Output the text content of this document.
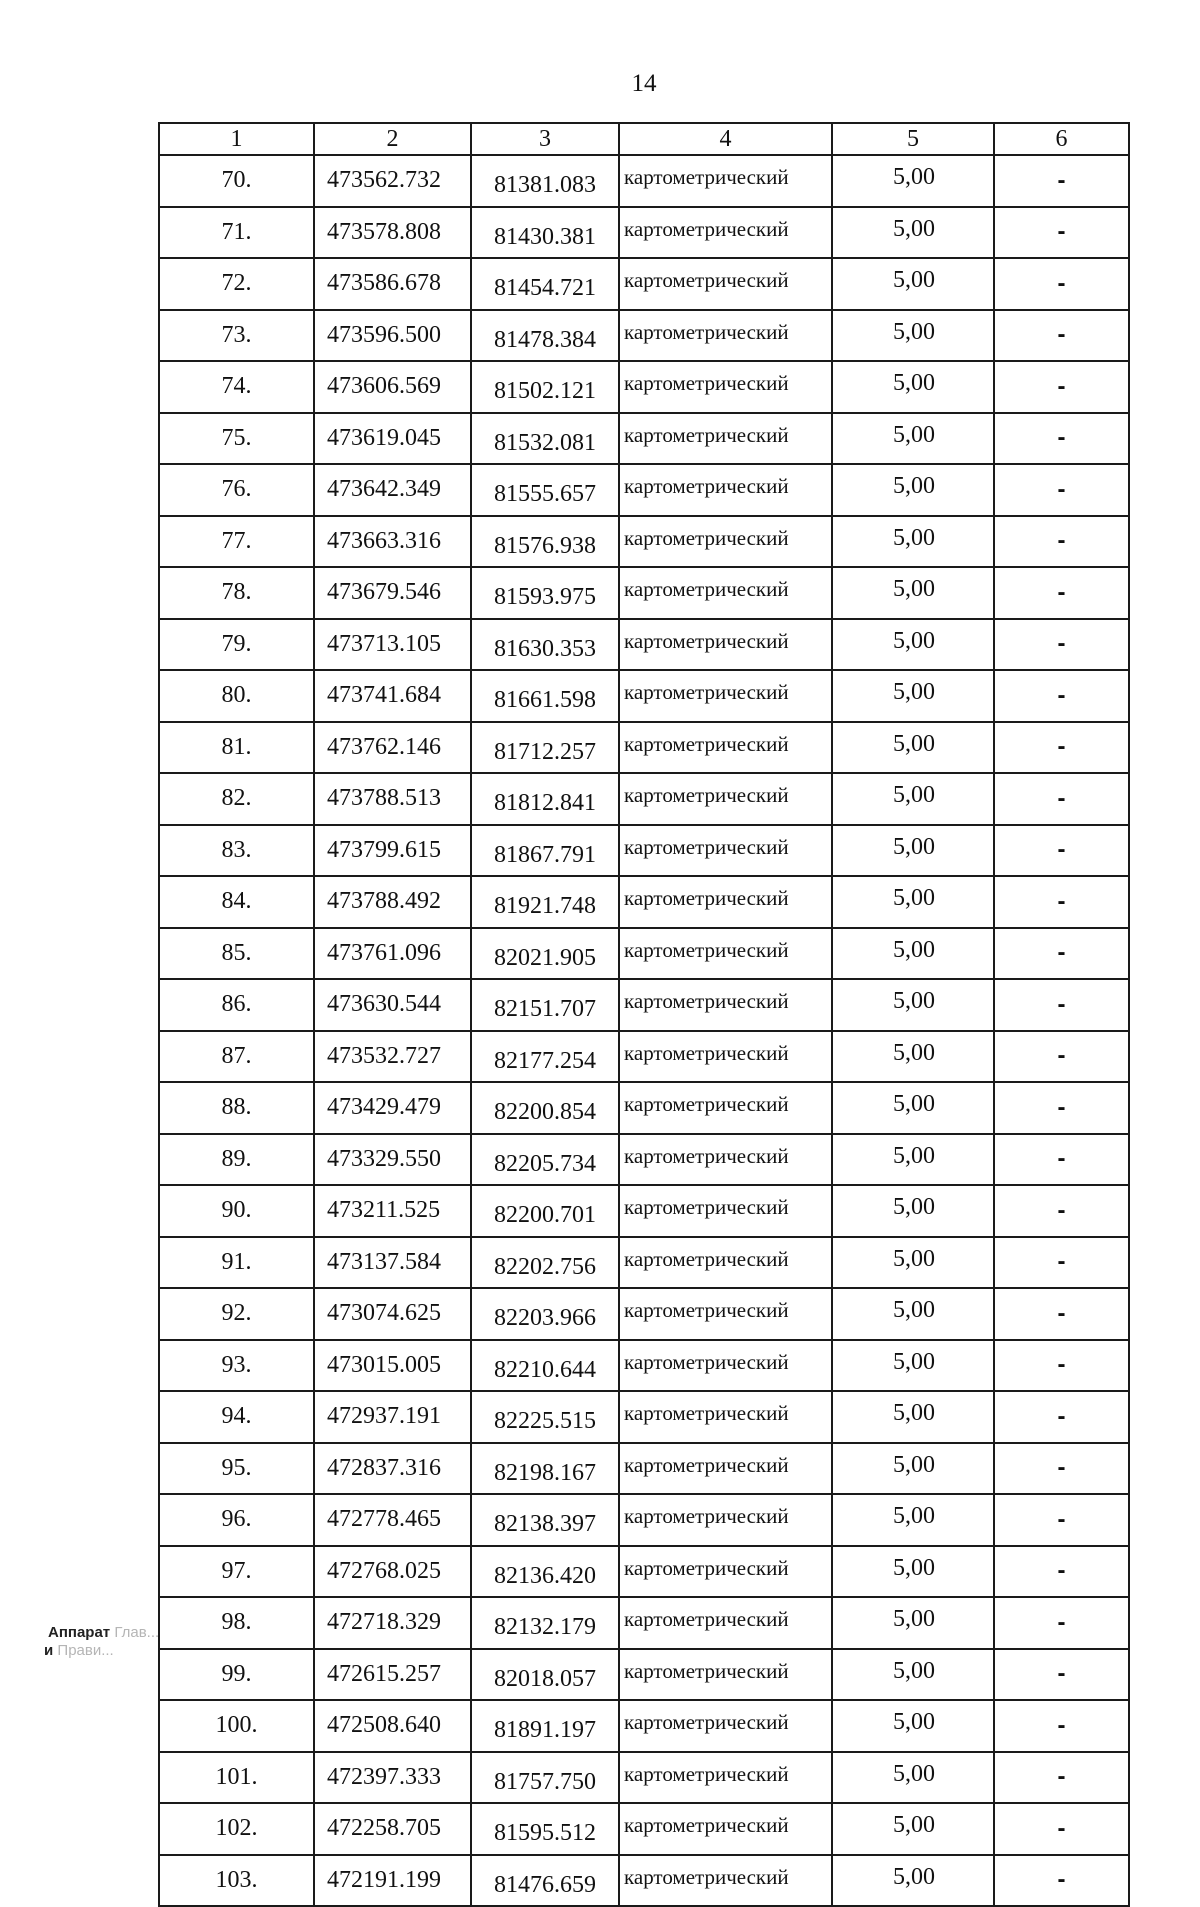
14
1	2	3	4	5	6
70.	473562.732	81381.083	картометрический	5,00	-
71.	473578.808	81430.381	картометрический	5,00	-
72.	473586.678	81454.721	картометрический	5,00	-
73.	473596.500	81478.384	картометрический	5,00	-
74.	473606.569	81502.121	картометрический	5,00	-
75.	473619.045	81532.081	картометрический	5,00	-
76.	473642.349	81555.657	картометрический	5,00	-
77.	473663.316	81576.938	картометрический	5,00	-
78.	473679.546	81593.975	картометрический	5,00	-
79.	473713.105	81630.353	картометрический	5,00	-
80.	473741.684	81661.598	картометрический	5,00	-
81.	473762.146	81712.257	картометрический	5,00	-
82.	473788.513	81812.841	картометрический	5,00	-
83.	473799.615	81867.791	картометрический	5,00	-
84.	473788.492	81921.748	картометрический	5,00	-
85.	473761.096	82021.905	картометрический	5,00	-
86.	473630.544	82151.707	картометрический	5,00	-
87.	473532.727	82177.254	картометрический	5,00	-
88.	473429.479	82200.854	картометрический	5,00	-
89.	473329.550	82205.734	картометрический	5,00	-
90.	473211.525	82200.701	картометрический	5,00	-
91.	473137.584	82202.756	картометрический	5,00	-
92.	473074.625	82203.966	картометрический	5,00	-
93.	473015.005	82210.644	картометрический	5,00	-
94.	472937.191	82225.515	картометрический	5,00	-
95.	472837.316	82198.167	картометрический	5,00	-
96.	472778.465	82138.397	картометрический	5,00	-
97.	472768.025	82136.420	картометрический	5,00	-
98.	472718.329	82132.179	картометрический	5,00	-
99.	472615.257	82018.057	картометрический	5,00	-
100.	472508.640	81891.197	картометрический	5,00	-
101.	472397.333	81757.750	картометрический	5,00	-
102.	472258.705	81595.512	картометрический	5,00	-
103.	472191.199	81476.659	картометрический	5,00	-
Аппарат Глав...
и Прави...
